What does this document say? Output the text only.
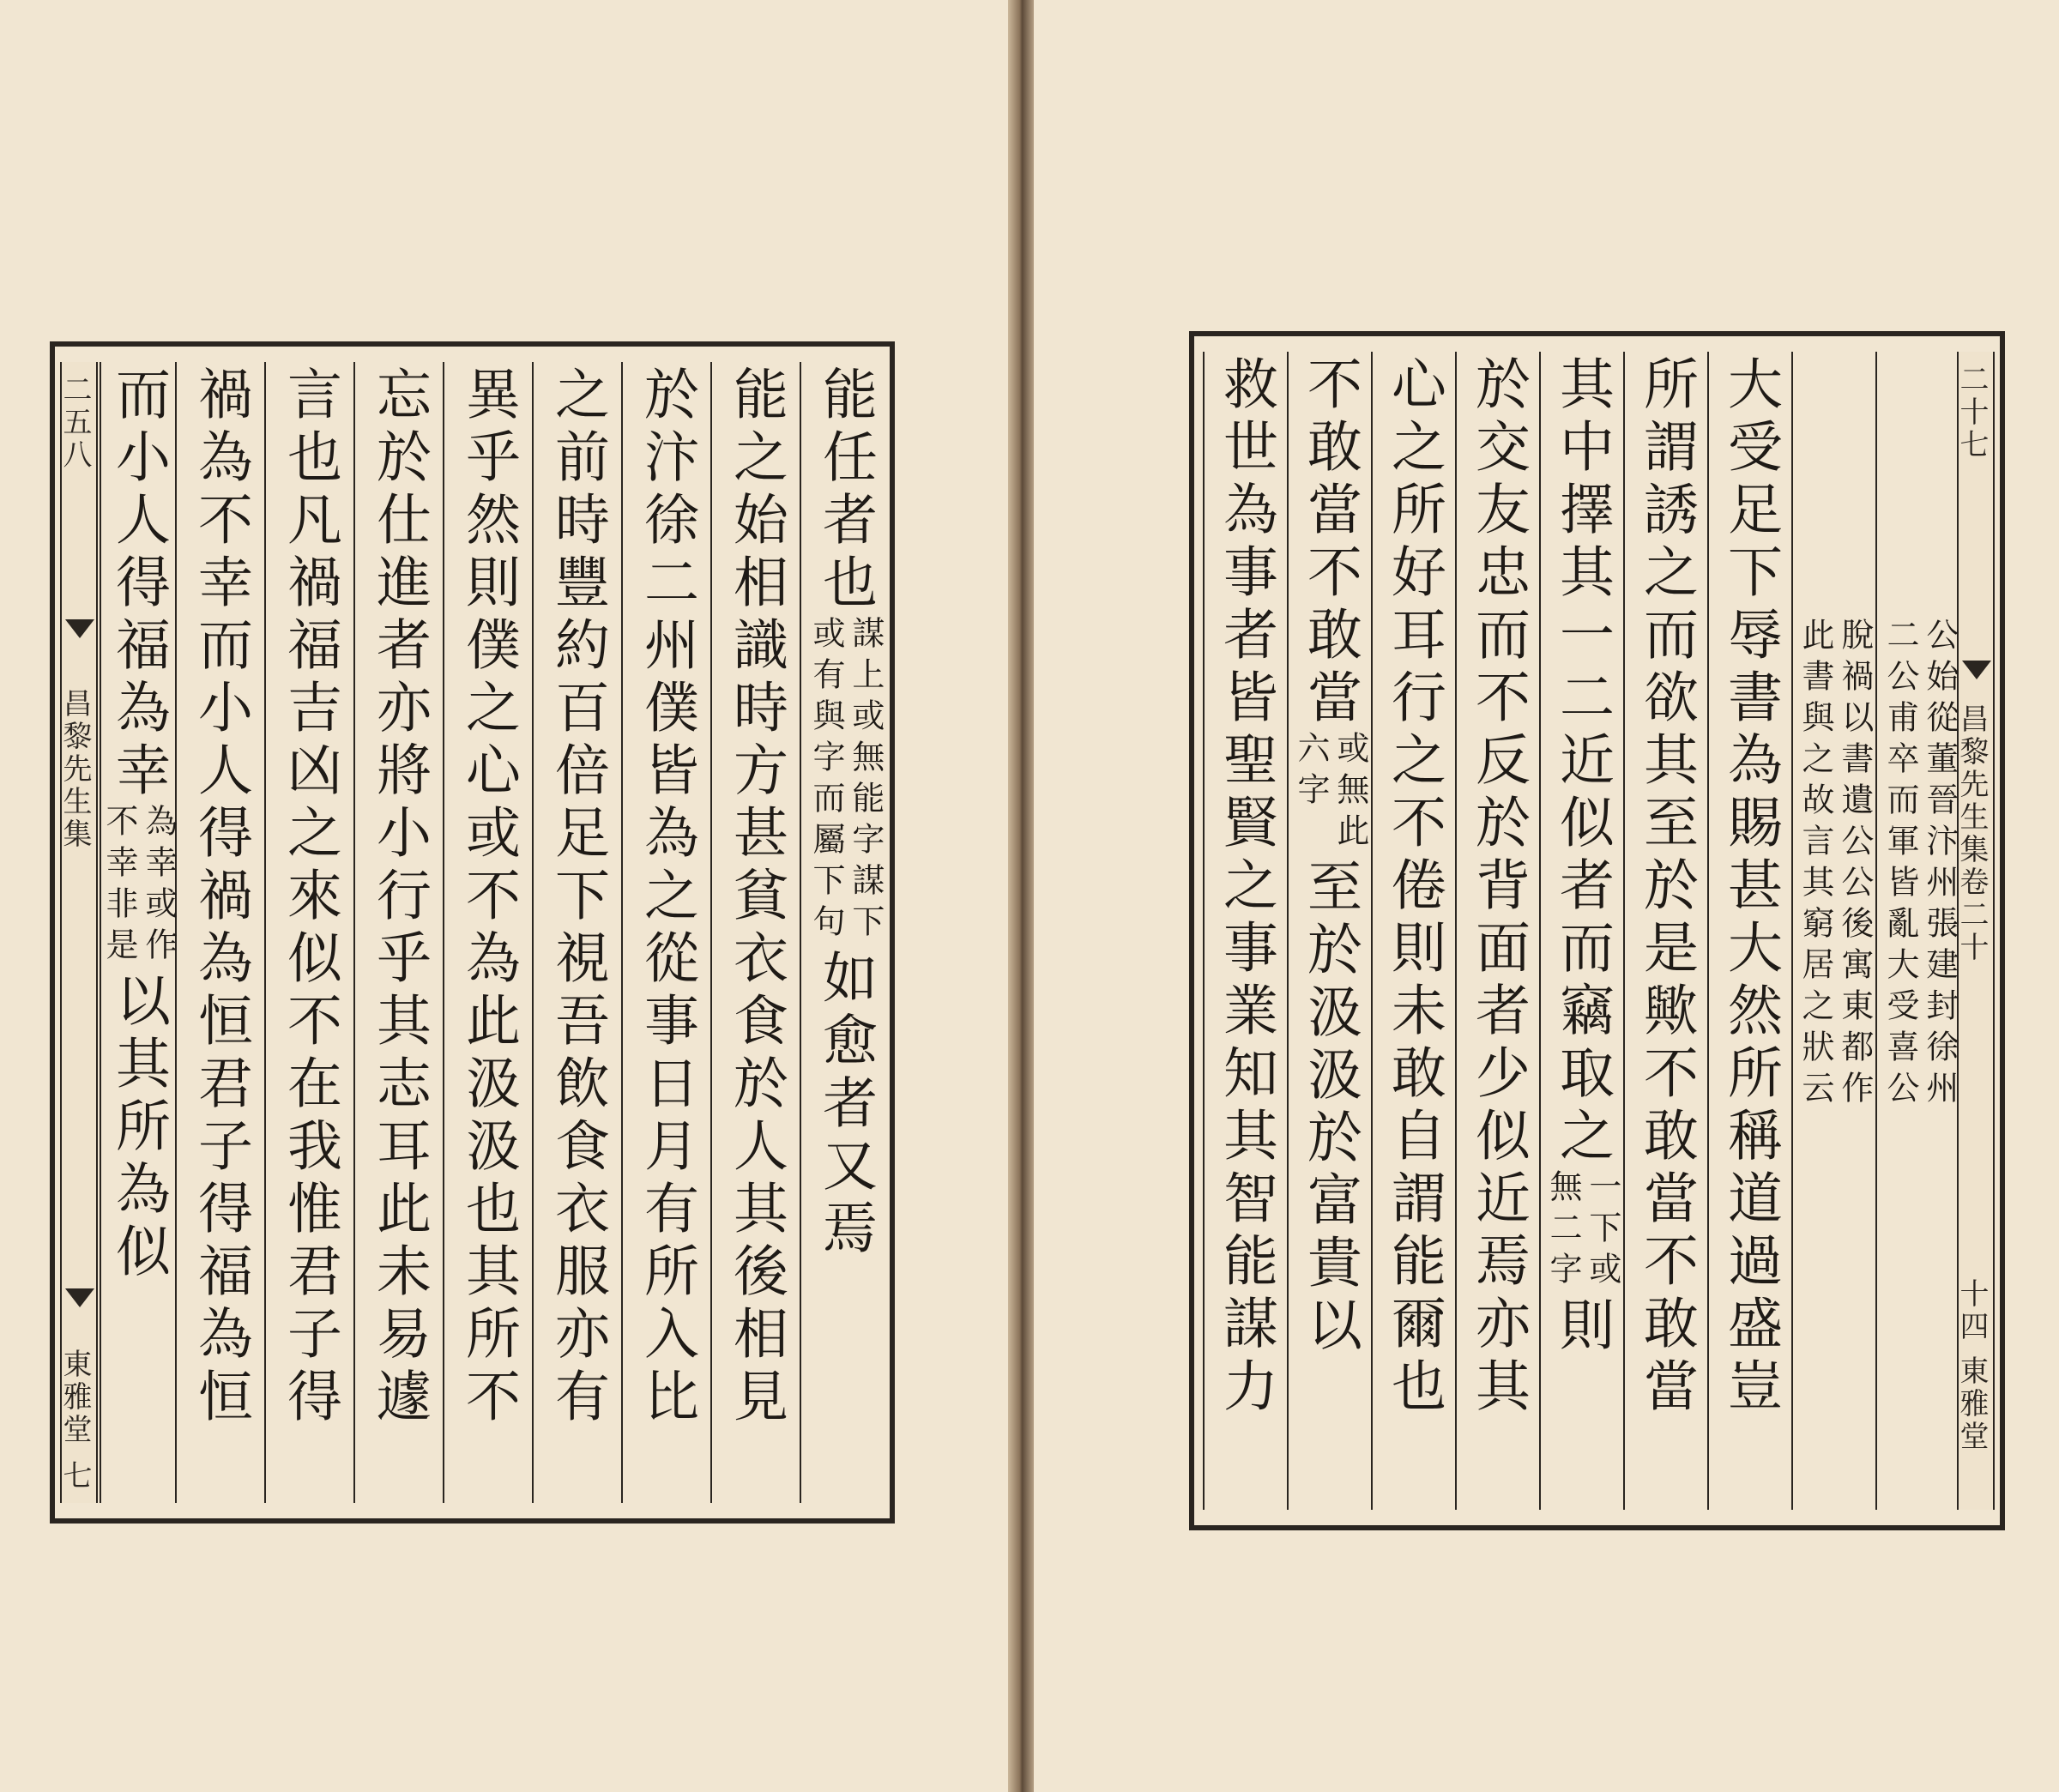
二五八
昌黎先生集
東雅堂
七
能任者也
謀上或
或有與
無能字
字而屬
謀下
下句
如愈者又焉
能之始相識時方甚貧衣食於人其後相見
於汴徐二州僕皆為之從事日月有所入比
之前時豐約百倍足下視吾飲食衣服亦有
異乎然則僕之心或不為此汲汲也其所不
忘於仕進者亦將小行乎其志耳此未易遽
言也凡禍福吉凶之來似不在我惟君子得
禍為不幸而小人得禍為恒君子得福為恒
而小人得福為幸
為幸或作
不幸非是
以其所為似
二十七
昌黎先生集卷二十
十四
東雅堂
公始從董晉汴州張建封徐州
二公甫卒而軍皆亂大受喜公
脫禍以書遺公公後寓東都作
此書與之故言其窮居之狀云
大受足下辱書為賜甚大然所稱道過盛豈
所謂誘之而欲其至於是歟不敢當不敢當
其中擇其一二近似者而竊取之
一下或
無二字
則
於交友忠而不反於背面者少似近焉亦其
心之所好耳行之不倦則未敢自謂能爾也
不敢當不敢當
或無此
六字
至於汲汲於富貴以
救世為事者皆聖賢之事業知其智能謀力
